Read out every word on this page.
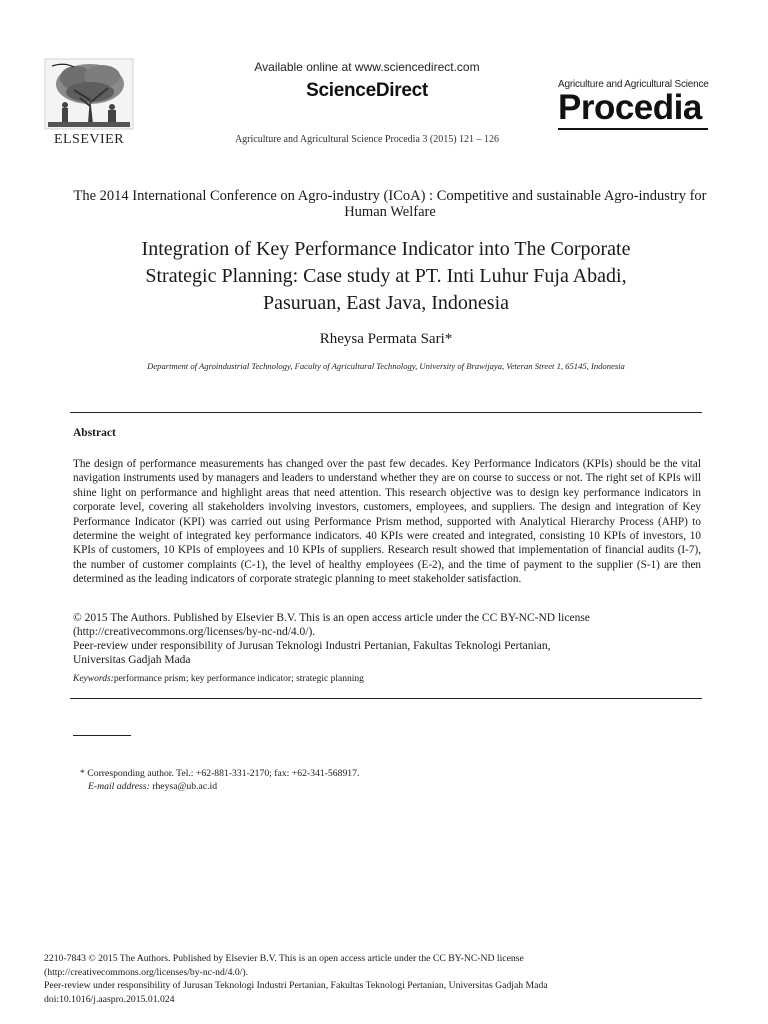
ELSEVIER
Available online at www.sciencedirect.com
ScienceDirect
Agriculture and Agricultural Science Procedia 3 (2015) 121 – 126
Agriculture and Agricultural Science
Procedia
The 2014 International Conference on Agro-industry (ICoA) : Competitive and sustainable Agro-industry for Human Welfare
Integration of Key Performance Indicator into The Corporate
Strategic Planning: Case study at PT. Inti Luhur Fuja Abadi,
Pasuruan, East Java, Indonesia
Rheysa Permata Sari*
Department of Agroindustrial Technology, Faculty of Agricultural Technology, University of Brawijaya, Veteran Street 1, 65145, Indonesia
Abstract
The design of performance measurements has changed over the past few decades. Key Performance Indicators (KPIs) should be the vital navigation instruments used by managers and leaders to understand whether they are on course to success or not. The right set of KPIs will shine light on performance and highlight areas that need attention. This research objective was to design key performance indicators in corporate level, covering all stakeholders involving investors, customers, employees, and suppliers. The design and integration of Key Performance Indicator (KPI) was carried out using Performance Prism method, supported with Analytical Hierarchy Process (AHP) to determine the weight of integrated key performance indicators. 40 KPIs were created and integrated, consisting 10 KPIs of investors, 10 KPIs of customers, 10 KPIs of employees and 10 KPIs of suppliers. Research result showed that implementation of financial audits (I-7), the number of customer complaints (C-1), the level of healthy employees (E-2), and the time of payment to the supplier (S-1) are then determined as the leading indicators of corporate strategic planning to meet stakeholder satisfaction.
© 2015 The Authors. Published by Elsevier B.V. This is an open access article under the CC BY-NC-ND license
(http://creativecommons.org/licenses/by-nc-nd/4.0/).
Peer-review under responsibility of Jurusan Teknologi Industri Pertanian, Fakultas Teknologi Pertanian,
Universitas Gadjah Mada
Keywords:performance prism; key performance indicator; strategic planning
* Corresponding author. Tel.: +62-881-331-2170; fax: +62-341-568917.
E-mail address: rheysa@ub.ac.id
2210-7843 © 2015 The Authors. Published by Elsevier B.V. This is an open access article under the CC BY-NC-ND license
(http://creativecommons.org/licenses/by-nc-nd/4.0/).
Peer-review under responsibility of Jurusan Teknologi Industri Pertanian, Fakultas Teknologi Pertanian, Universitas Gadjah Mada
doi:10.1016/j.aaspro.2015.01.024
